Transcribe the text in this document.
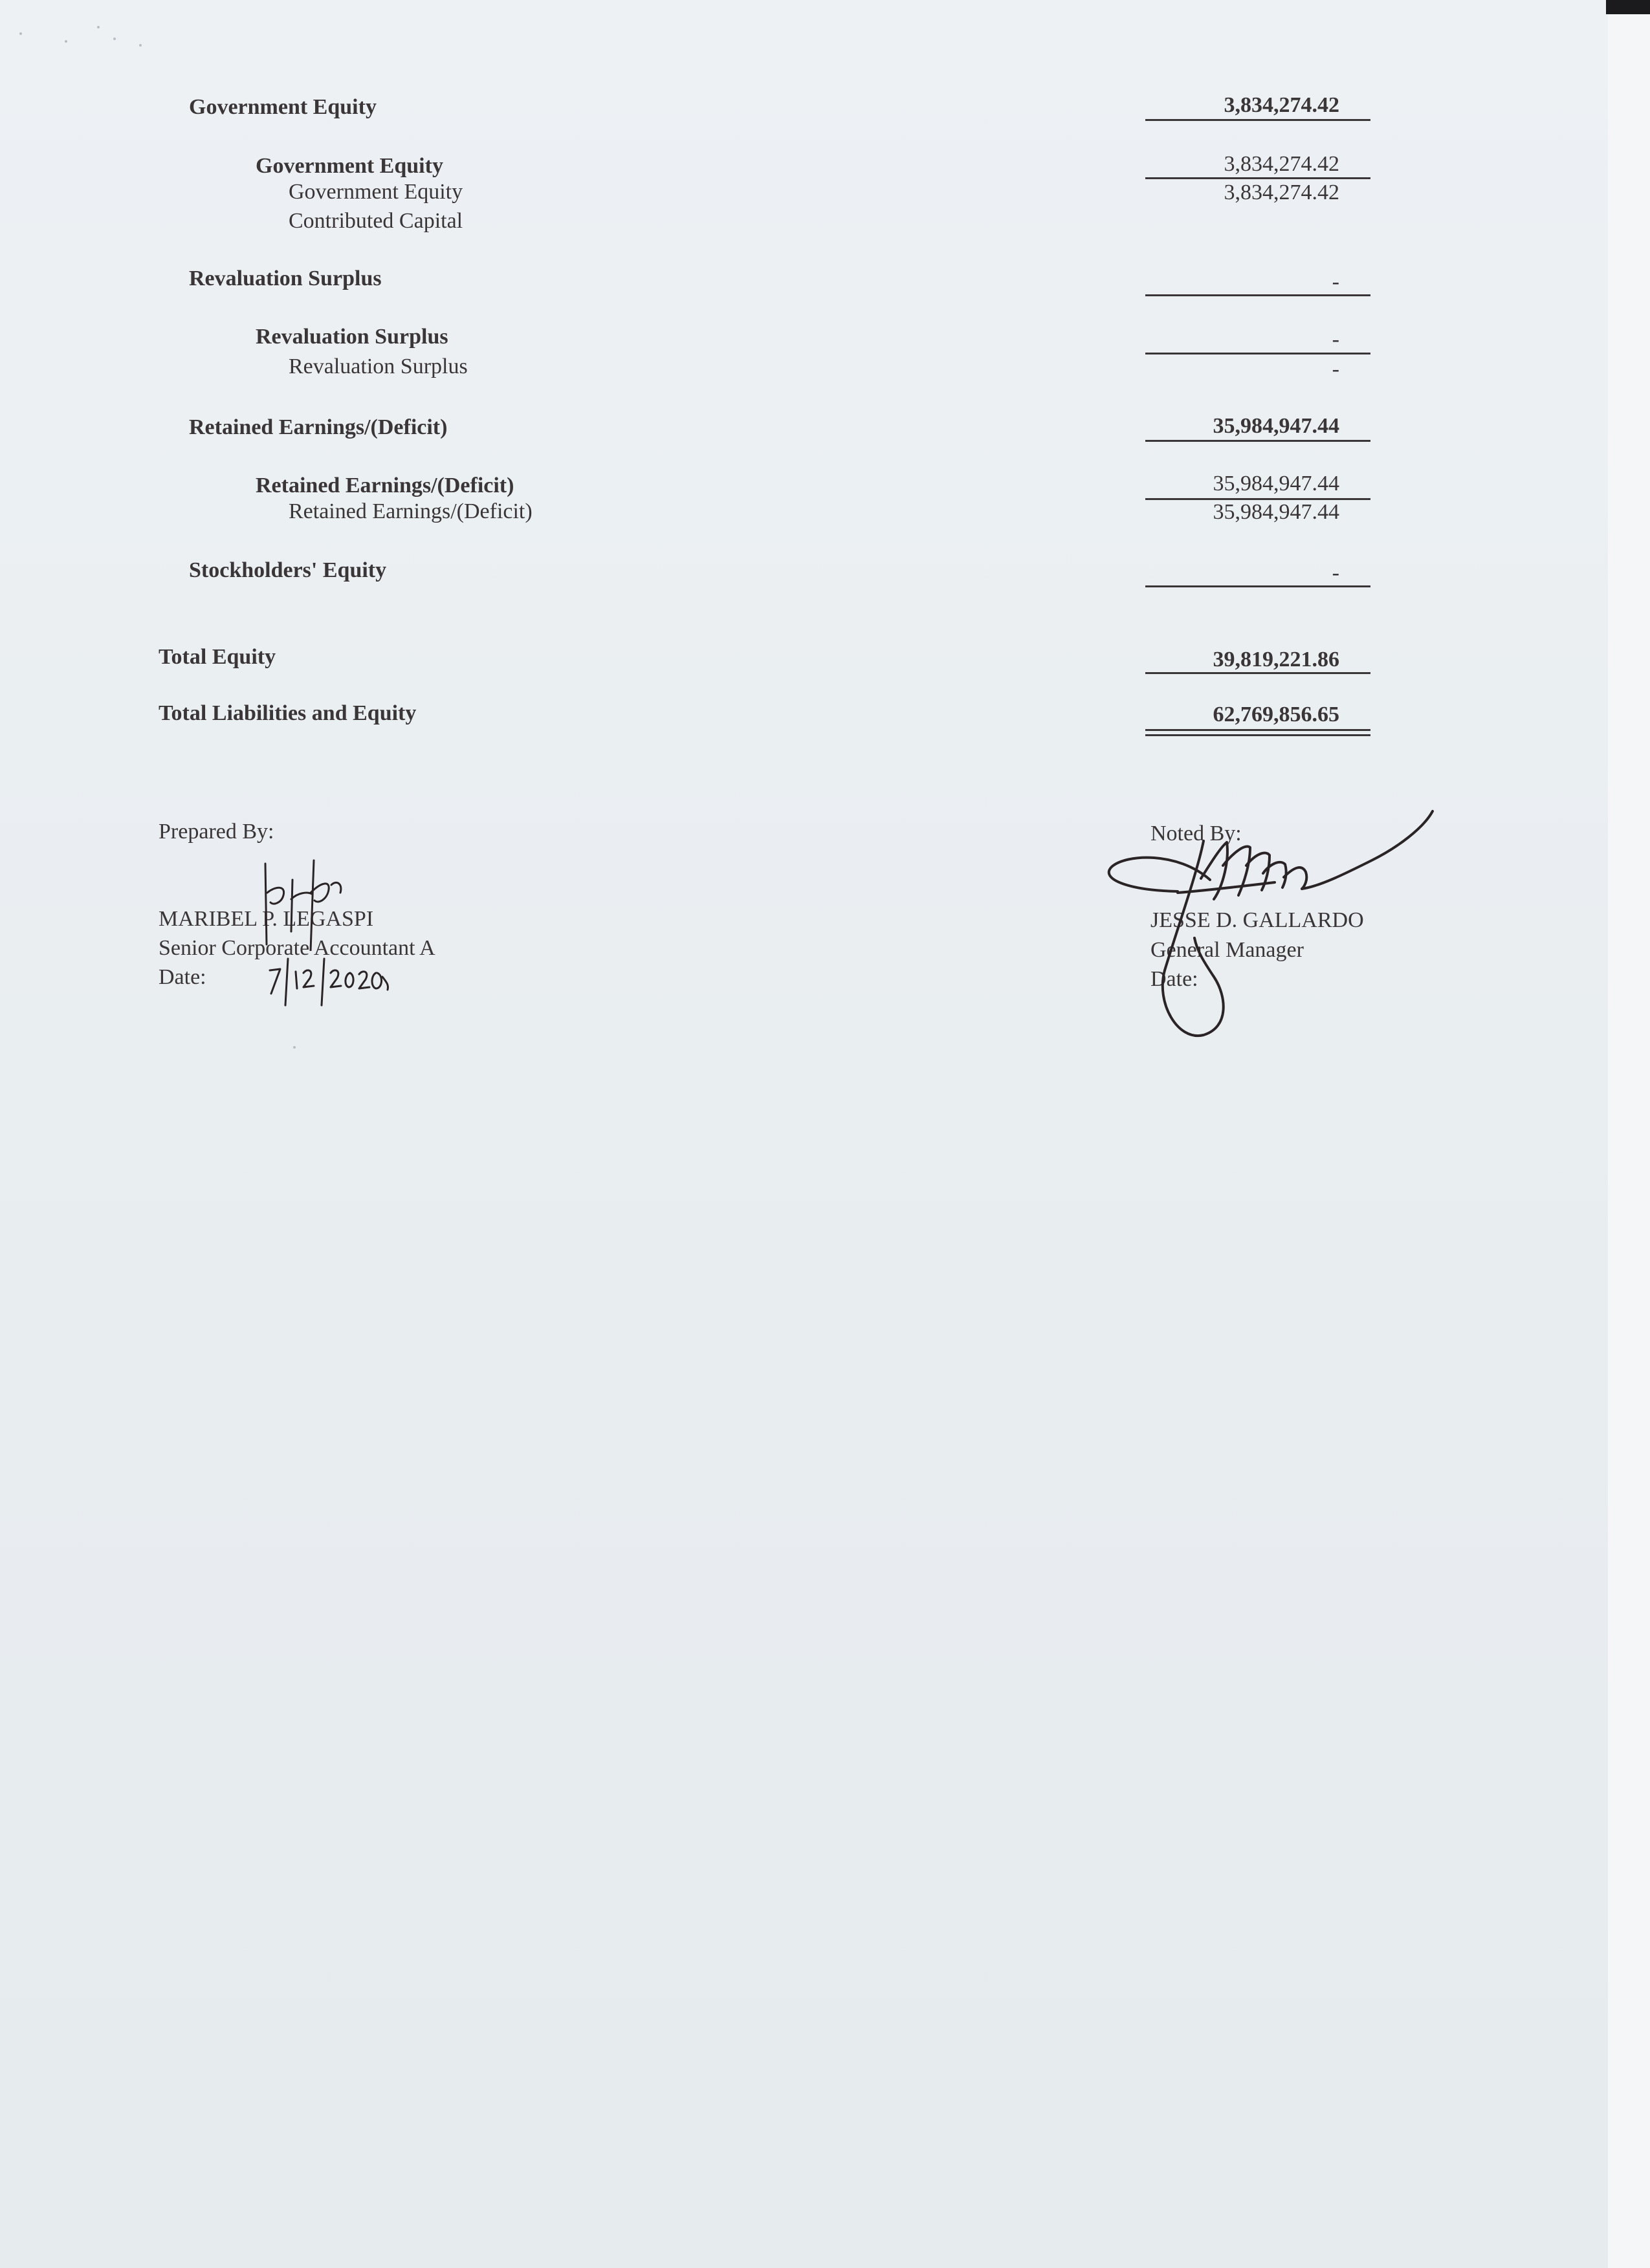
Government Equity	3,834,274.42
Government Equity	3,834,274.42
Government Equity	3,834,274.42
Contributed Capital
Revaluation Surplus	-
Revaluation Surplus	-
Revaluation Surplus	-
Retained Earnings/(Deficit)	35,984,947.44
Retained Earnings/(Deficit)	35,984,947.44
Retained Earnings/(Deficit)	35,984,947.44
Stockholders' Equity	-
Total Equity	39,819,221.86
Total Liabilities and Equity	62,769,856.65
Prepared By:
MARIBEL P. LEGASPI
Senior Corporate Accountant A
Date:
Noted By:
JESSE D. GALLARDO
General Manager
Date:
